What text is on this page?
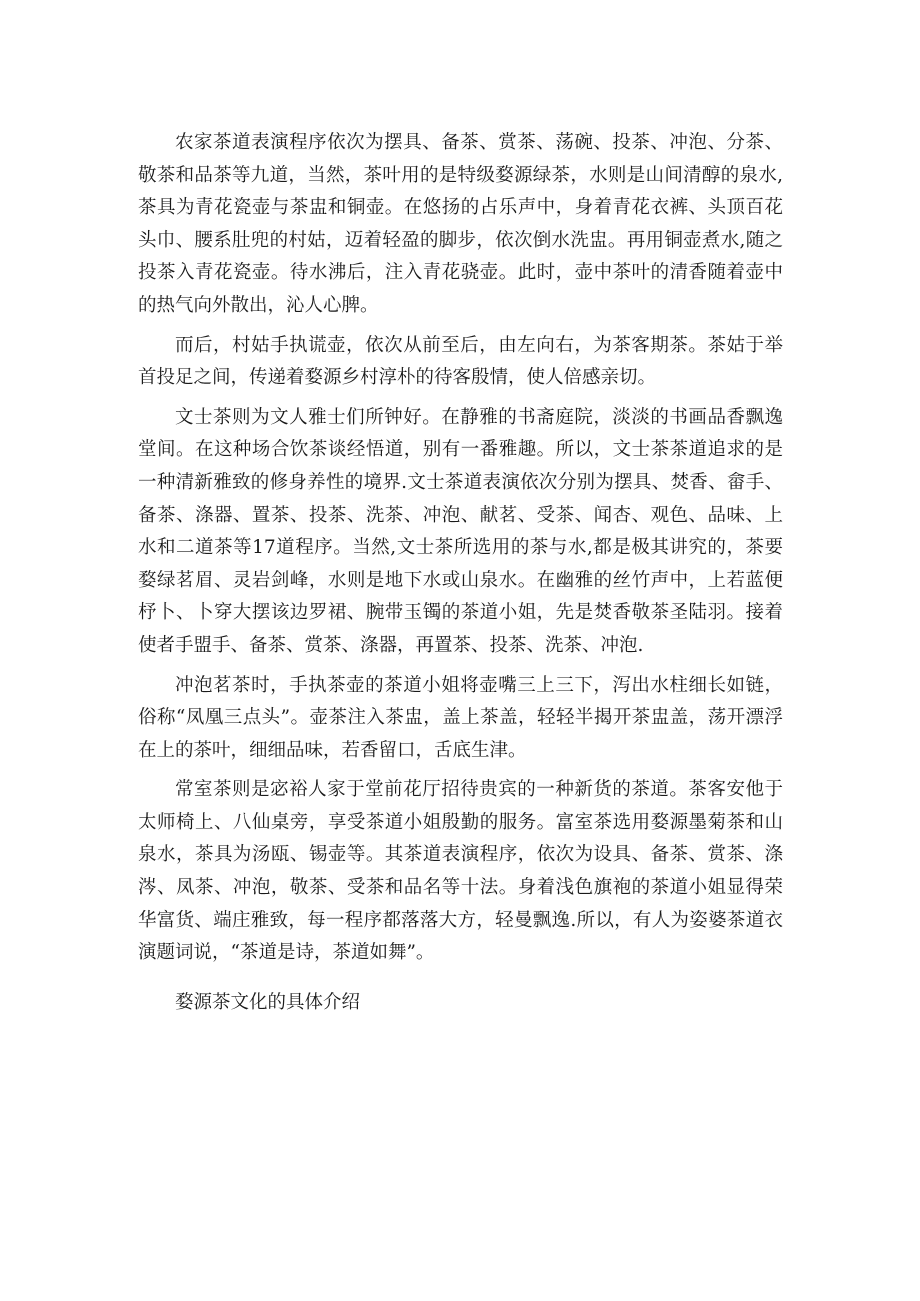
农家茶道表演程序依次为摆具、备茶、赏茶、荡碗、投茶、冲泡、分茶、敬茶和品茶等九道，当然，茶叶用的是特级婺源绿茶，水则是山间清醇的泉水,茶具为青花瓷壶与茶盅和铜壶。在悠扬的占乐声中，身着青花衣裤、头顶百花头巾、腰系肚兜的村姑，迈着轻盈的脚步，依次倒水洗盅。再用铜壶煮水,随之投茶入青花瓷壶。待水沸后，注入青花骁壶。此时，壶中茶叶的清香随着壶中的热气向外散出，沁人心脾。

而后，村姑手执谎壶，依次从前至后，由左向右，为茶客期茶。茶姑于举首投足之间，传递着婺源乡村淳朴的待客殷情，使人倍感亲切。

文士茶则为文人雅士们所钟好。在静雅的书斋庭院，淡淡的书画品香飘逸堂间。在这种场合饮茶谈经悟道，别有一番雅趣。所以，文士茶茶道追求的是一种清新雅致的修身养性的境界.文士茶道表演依次分别为摆具、焚香、畲手、备茶、涤器、置茶、投茶、洗茶、冲泡、献茗、受茶、闻杏、观色、品味、上水和二道茶等17道程序。当然,文士茶所选用的茶与水,都是极其讲究的，茶要婺绿茗眉、灵岩剑峰，水则是地下水或山泉水。在幽雅的丝竹声中，上若蓝便杼卜、卜穿大摆该边罗裙、腕带玉镯的茶道小姐，先是焚香敬茶圣陆羽。接着使者手盟手、备茶、赏茶、涤器，再置茶、投茶、洗茶、冲泡.

冲泡茗茶时，手执茶壶的茶道小姐将壶嘴三上三下，泻出水柱细长如链，俗称“凤凰三点头”。壶茶注入茶盅，盖上茶盖，轻轻半揭开茶盅盖，荡开漂浮在上的茶叶，细细品味，若香留口，舌底生津。

常室茶则是宓裕人家于堂前花厅招待贵宾的一种新货的茶道。茶客安他于太师椅上、八仙桌旁，享受茶道小姐殷勤的服务。富室茶选用婺源墨菊茶和山泉水，茶具为汤瓯、锡壶等。其茶道表演程序，依次为设具、备茶、赏茶、涤涔、凤茶、冲泡，敬茶、受茶和品名等十法。身着浅色旗袍的茶道小姐显得荣华富货、端庄雅致，每一程序都落落大方，轻曼飘逸.所以，有人为姿婆茶道衣演题词说，“茶道是诗，茶道如舞”。

婺源茶文化的具体介绍
